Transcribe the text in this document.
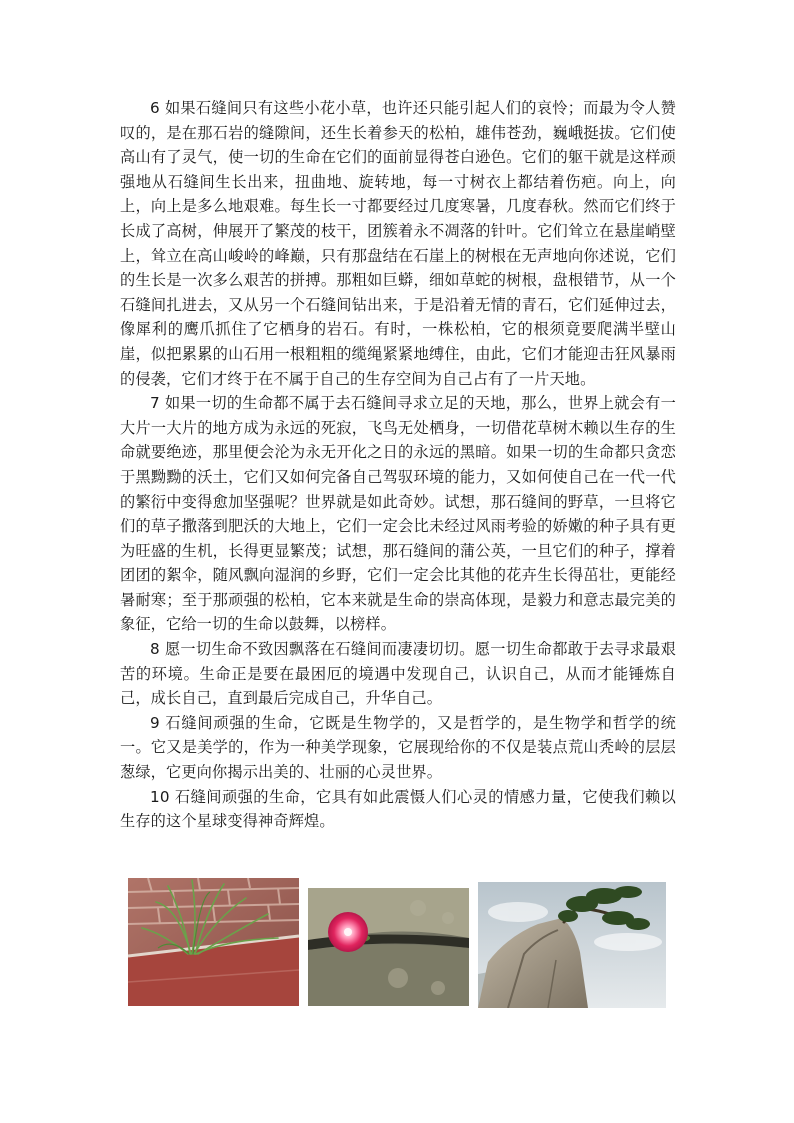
6 如果石缝间只有这些小花小草，也许还只能引起人们的哀怜；而最为令人赞叹的，是在那石岩的缝隙间，还生长着参天的松柏，雄伟苍劲，巍峨挺拔。它们使高山有了灵气，使一切的生命在它们的面前显得苍白逊色。它们的躯干就是这样顽强地从石缝间生长出来，扭曲地、旋转地，每一寸树衣上都结着伤疤。向上，向上，向上是多么地艰难。每生长一寸都要经过几度寒暑，几度春秋。然而它们终于长成了高树，伸展开了繁茂的枝干，团簇着永不凋落的针叶。它们耸立在悬崖峭壁上，耸立在高山峻岭的峰巅，只有那盘结在石崖上的树根在无声地向你述说，它们的生长是一次多么艰苦的拼搏。那粗如巨蟒，细如草蛇的树根，盘根错节，从一个石缝间扎进去，又从另一个石缝间钻出来，于是沿着无情的青石，它们延伸过去，像犀利的鹰爪抓住了它栖身的岩石。有时，一株松柏，它的根须竟要爬满半壁山崖，似把累累的山石用一根粗粗的缆绳紧紧地缚住，由此，它们才能迎击狂风暴雨的侵袭，它们才终于在不属于自己的生存空间为自己占有了一片天地。

7 如果一切的生命都不属于去石缝间寻求立足的天地，那么，世界上就会有一大片一大片的地方成为永远的死寂，飞鸟无处栖身，一切借花草树木赖以生存的生命就要绝迹，那里便会沦为永无开化之日的永远的黑暗。如果一切的生命都只贪恋于黑黝黝的沃土，它们又如何完备自己驾驭环境的能力，又如何使自己在一代一代的繁衍中变得愈加坚强呢？世界就是如此奇妙。试想，那石缝间的野草，一旦将它们的草子撒落到肥沃的大地上，它们一定会比未经过风雨考验的娇嫩的种子具有更为旺盛的生机，长得更显繁茂；试想，那石缝间的蒲公英，一旦它们的种子，撑着团团的絮伞，随风飘向湿润的乡野，它们一定会比其他的花卉生长得茁壮，更能经暑耐寒；至于那顽强的松柏，它本来就是生命的崇高体现，是毅力和意志最完美的象征，它给一切的生命以鼓舞，以榜样。

8 愿一切生命不致因飘落在石缝间而凄凄切切。愿一切生命都敢于去寻求最艰苦的环境。生命正是要在最困厄的境遇中发现自己，认识自己，从而才能锤炼自己，成长自己，直到最后完成自己，升华自己。

9 石缝间顽强的生命，它既是生物学的，又是哲学的，是生物学和哲学的统一。它又是美学的，作为一种美学现象，它展现给你的不仅是装点荒山秃岭的层层葱绿，它更向你揭示出美的、壮丽的心灵世界。

10 石缝间顽强的生命，它具有如此震慑人们心灵的情感力量，它使我们赖以生存的这个星球变得神奇辉煌。
